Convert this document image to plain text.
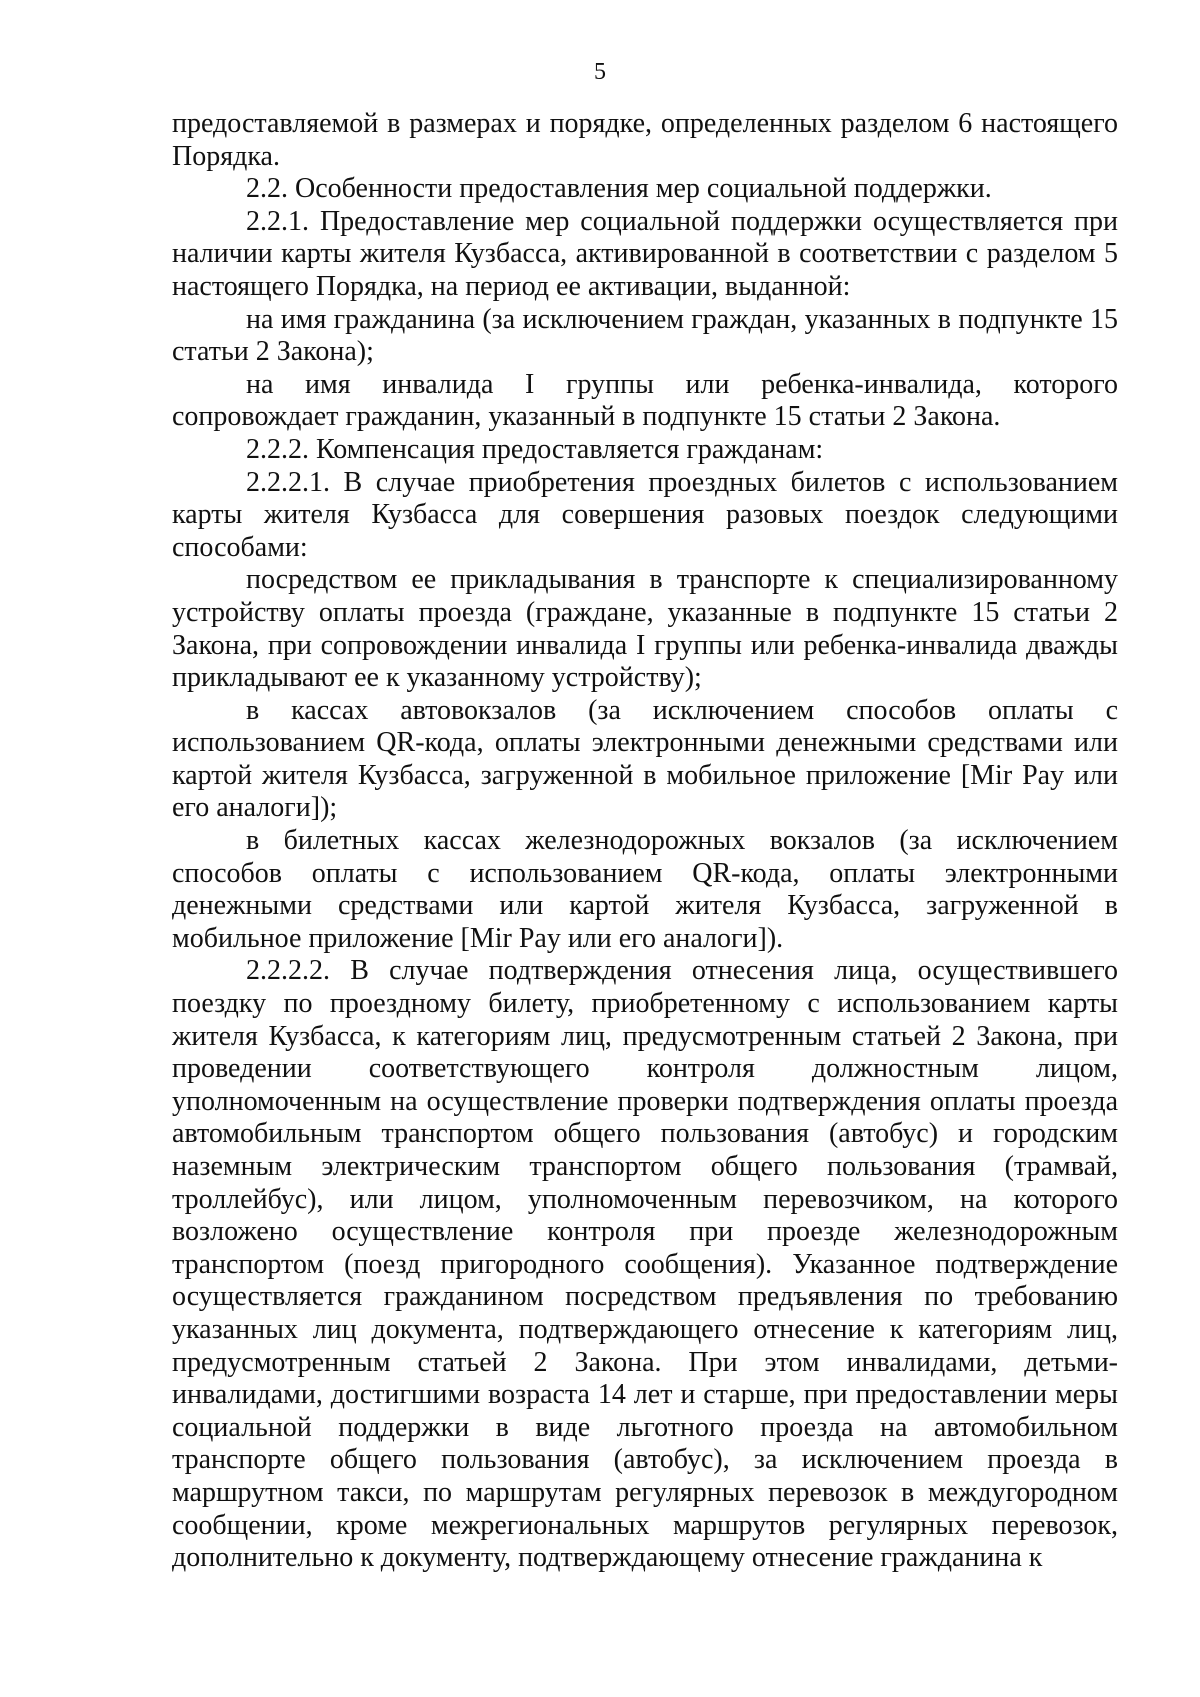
5

предоставляемой в размерах и порядке, определенных разделом 6 настоящего Порядка.

2.2. Особенности предоставления мер социальной поддержки.

2.2.1. Предоставление мер социальной поддержки осуществляется при наличии карты жителя Кузбасса, активированной в соответствии с разделом 5 настоящего Порядка, на период ее активации, выданной:

на имя гражданина (за исключением граждан, указанных в подпункте 15 статьи 2 Закона);

на имя инвалида I группы или ребенка-инвалида, которого сопровождает гражданин, указанный в подпункте 15 статьи 2 Закона.

2.2.2. Компенсация предоставляется гражданам:

2.2.2.1. В случае приобретения проездных билетов с использованием карты жителя Кузбасса для совершения разовых поездок следующими способами:

посредством ее прикладывания в транспорте к специализированному устройству оплаты проезда (граждане, указанные в подпункте 15 статьи 2 Закона, при сопровождении инвалида I группы или ребенка-инвалида дважды прикладывают ее к указанному устройству);

в кассах автовокзалов (за исключением способов оплаты с использованием QR-кода, оплаты электронными денежными средствами или картой жителя Кузбасса, загруженной в мобильное приложение [Mir Pay или его аналоги]);

в билетных кассах железнодорожных вокзалов (за исключением способов оплаты с использованием QR-кода, оплаты электронными денежными средствами или картой жителя Кузбасса, загруженной в мобильное приложение [Mir Pay или его аналоги]).

2.2.2.2. В случае подтверждения отнесения лица, осуществившего поездку по проездному билету, приобретенному с использованием карты жителя Кузбасса, к категориям лиц, предусмотренным статьей 2 Закона, при проведении соответствующего контроля должностным лицом, уполномоченным на осуществление проверки подтверждения оплаты проезда автомобильным транспортом общего пользования (автобус) и городским наземным электрическим транспортом общего пользования (трамвай, троллейбус), или лицом, уполномоченным перевозчиком, на которого возложено осуществление контроля при проезде железнодорожным транспортом (поезд пригородного сообщения). Указанное подтверждение осуществляется гражданином посредством предъявления по требованию указанных лиц документа, подтверждающего отнесение к категориям лиц, предусмотренным статьей 2 Закона. При этом инвалидами, детьми-инвалидами, достигшими возраста 14 лет и старше, при предоставлении меры социальной поддержки в виде льготного проезда на автомобильном транспорте общего пользования (автобус), за исключением проезда в маршрутном такси, по маршрутам регулярных перевозок в междугородном сообщении, кроме межрегиональных маршрутов регулярных перевозок, дополнительно к документу, подтверждающему отнесение гражданина к
